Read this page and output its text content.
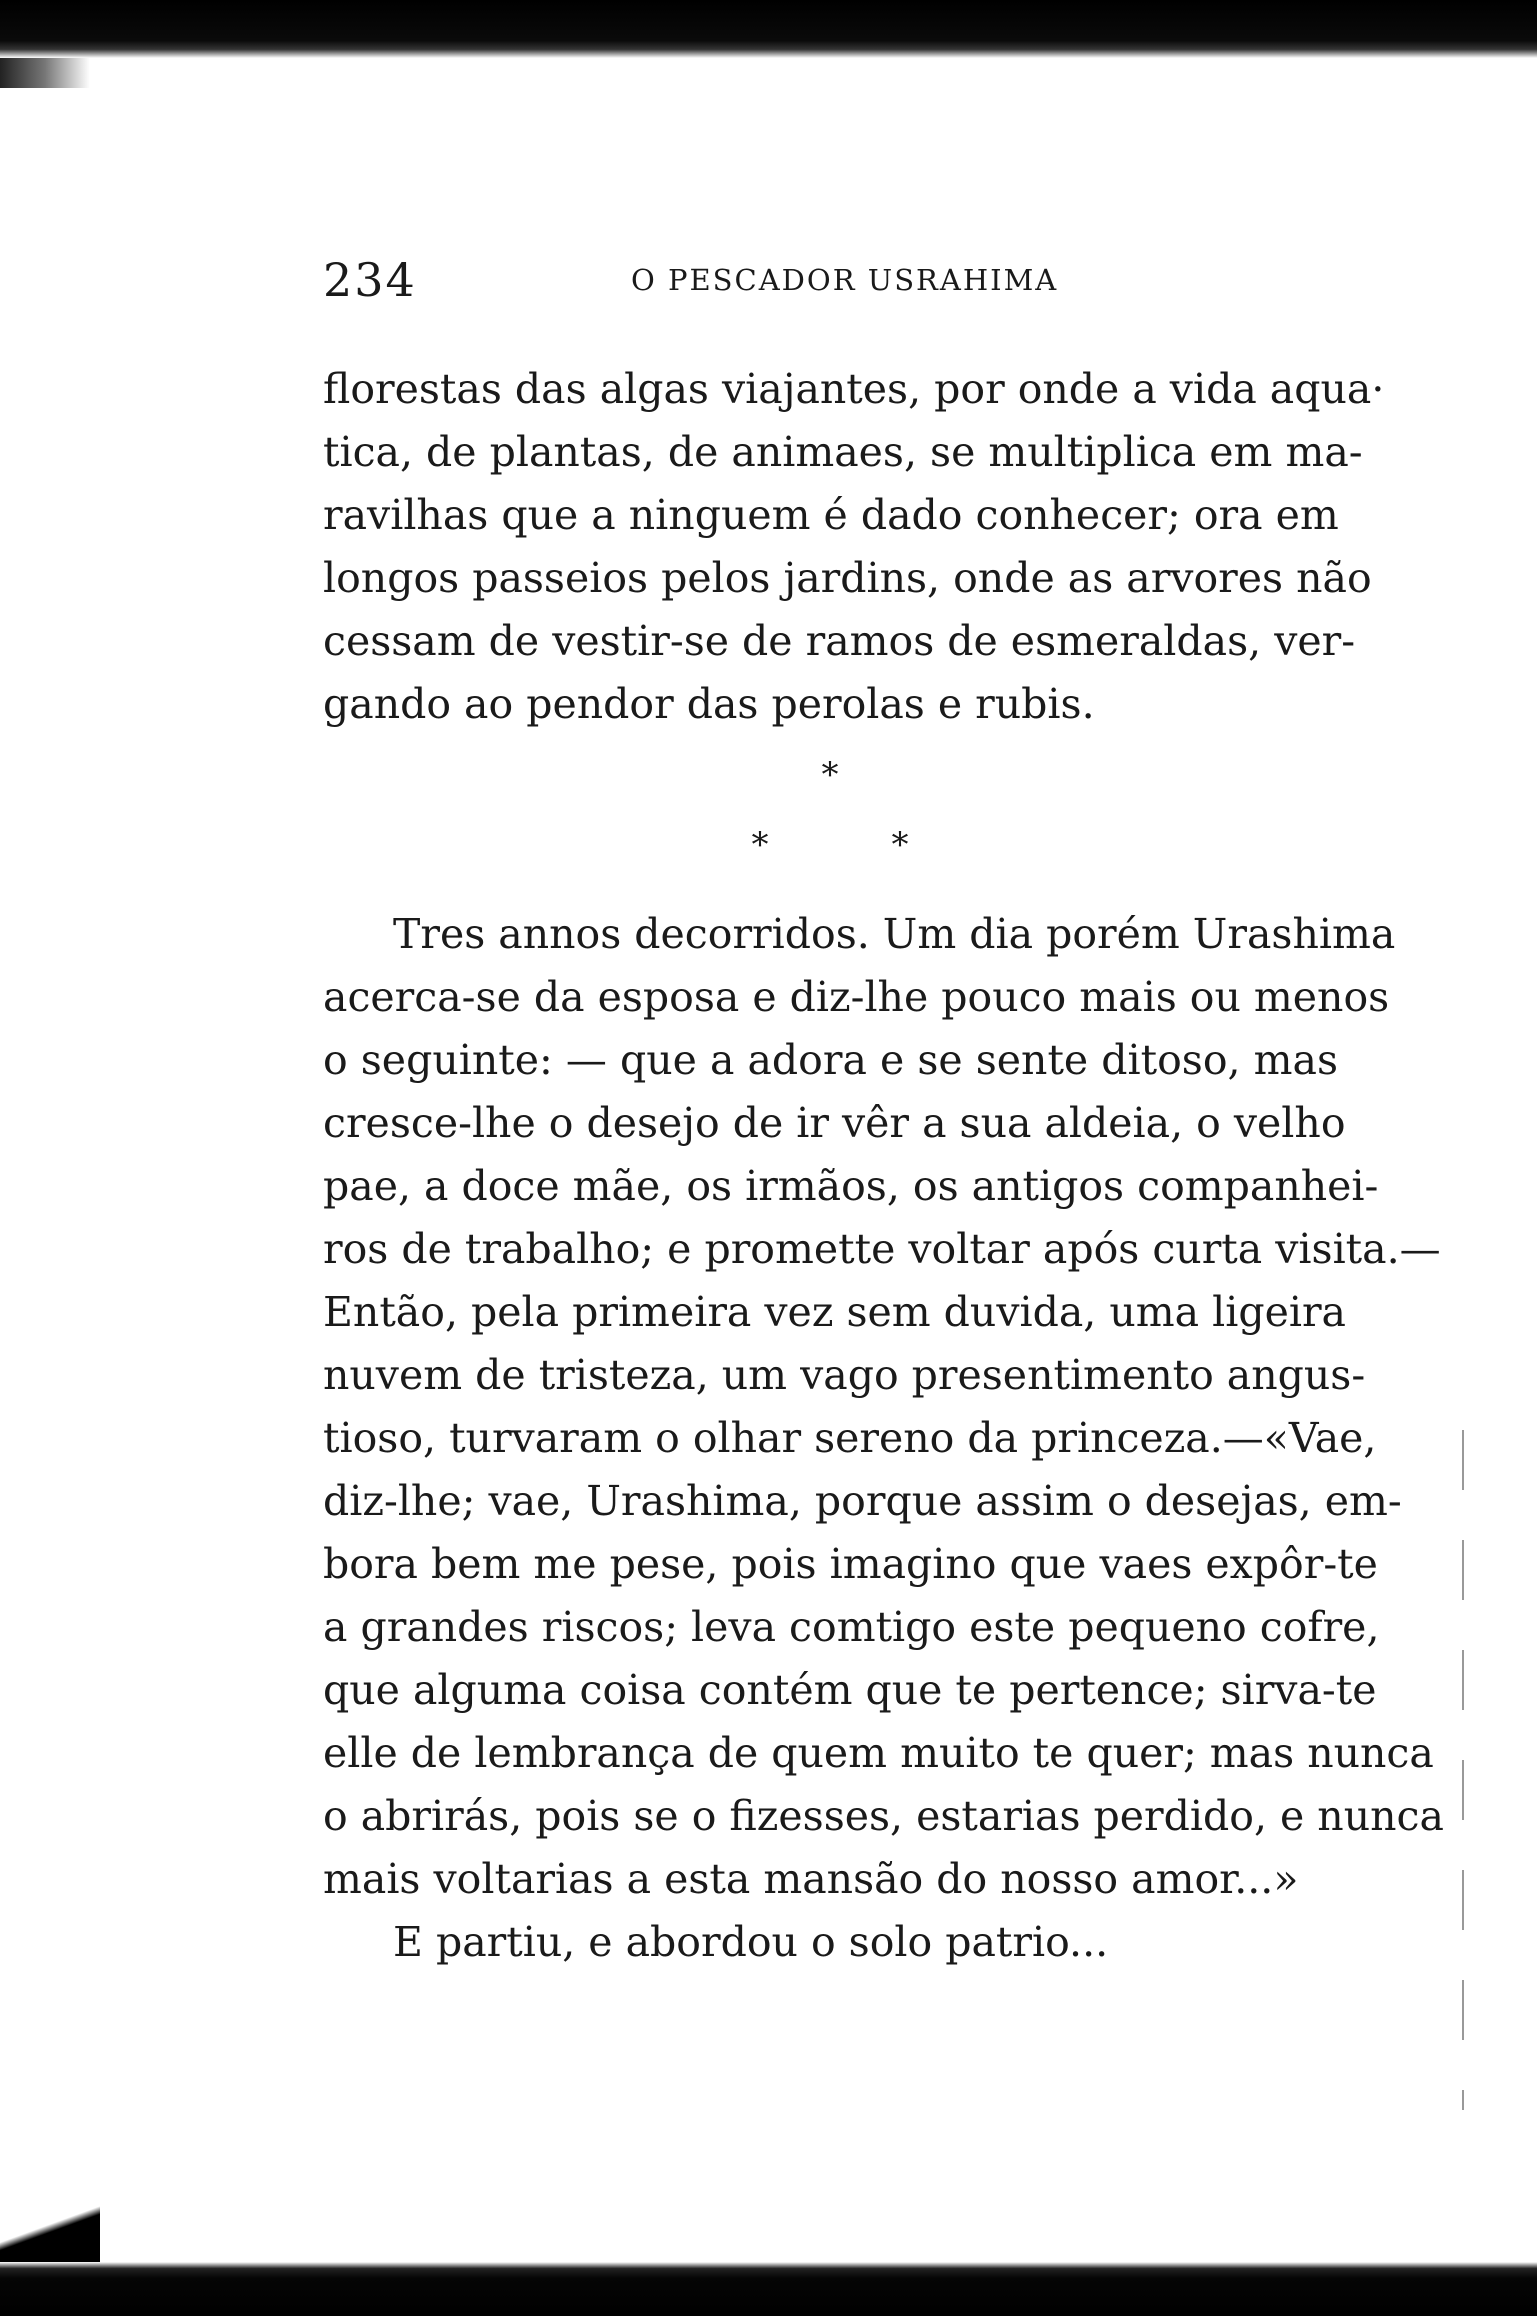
234	O PESCADOR USRAHIMA
florestas das algas viajantes, por onde a vida aqua·
tica, de plantas, de animaes, se multiplica em ma-
ravilhas que a ninguem é dado conhecer; ora em
longos passeios pelos jardins, onde as arvores não
cessam de vestir-se de ramos de esmeraldas, ver-
gando ao pendor das perolas e rubis.
*
*	*
Tres annos decorridos. Um dia porém Urashima
acerca-se da esposa e diz-lhe pouco mais ou menos
o seguinte: — que a adora e se sente ditoso, mas
cresce-lhe o desejo de ir vêr a sua aldeia, o velho
pae, a doce mãe, os irmãos, os antigos companhei-
ros de trabalho; e promette voltar após curta visita.—
Então, pela primeira vez sem duvida, uma ligeira
nuvem de tristeza, um vago presentimento angus-
tioso, turvaram o olhar sereno da princeza.—«Vae,
diz-lhe; vae, Urashima, porque assim o desejas, em-
bora bem me pese, pois imagino que vaes expôr-te
a grandes riscos; leva comtigo este pequeno cofre,
que alguma coisa contém que te pertence; sirva-te
elle de lembrança de quem muito te quer; mas nunca
o abrirás, pois se o fizesses, estarias perdido, e nunca
mais voltarias a esta mansão do nosso amor...»
E partiu, e abordou o solo patrio...
